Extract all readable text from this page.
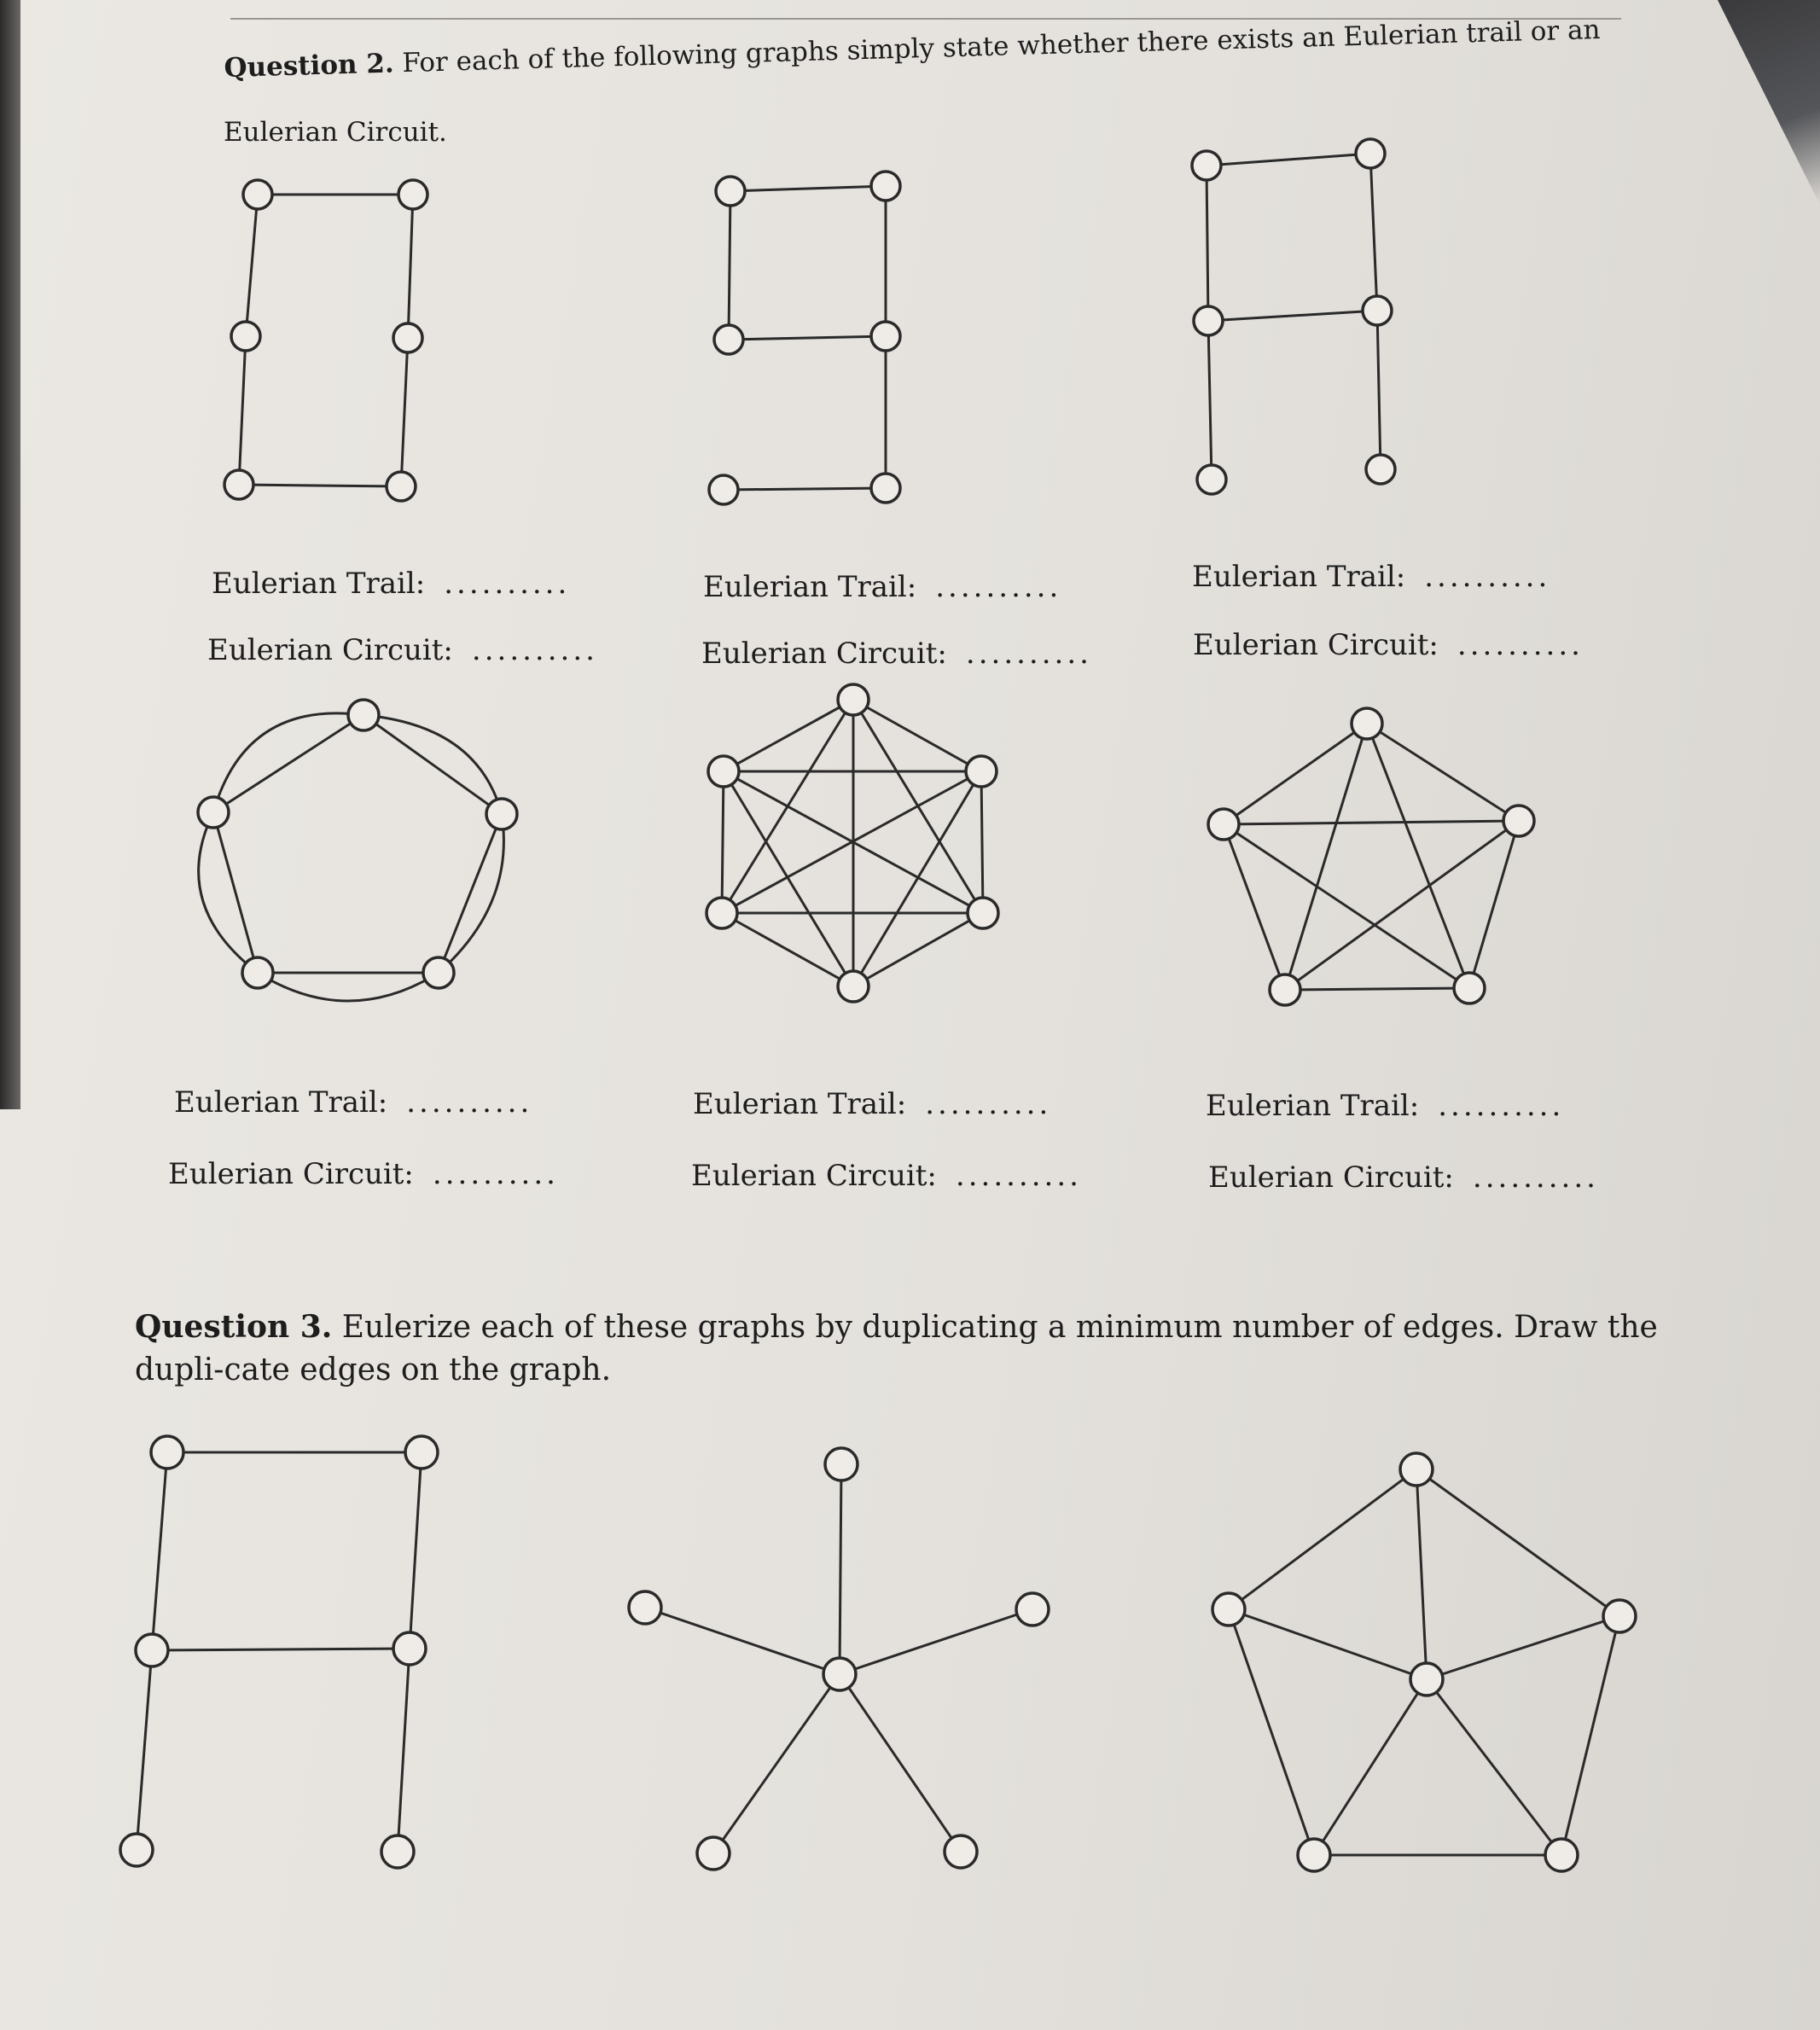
Question 2. For each of the following graphs simply state whether there exists an Eulerian trail or an

Eulerian Circuit.

Eulerian Trail: ..........
Eulerian Circuit: ..........
Eulerian Trail: ..........
Eulerian Circuit: ..........
Eulerian Trail: ..........
Eulerian Circuit: ..........
Eulerian Trail: ..........
Eulerian Circuit: ..........
Eulerian Trail: ..........
Eulerian Circuit: ..........
Eulerian Trail: ..........
Eulerian Circuit: ..........

Question 3. Eulerize each of these graphs by duplicating a minimum number of edges. Draw the dupli-cate edges on the graph.
